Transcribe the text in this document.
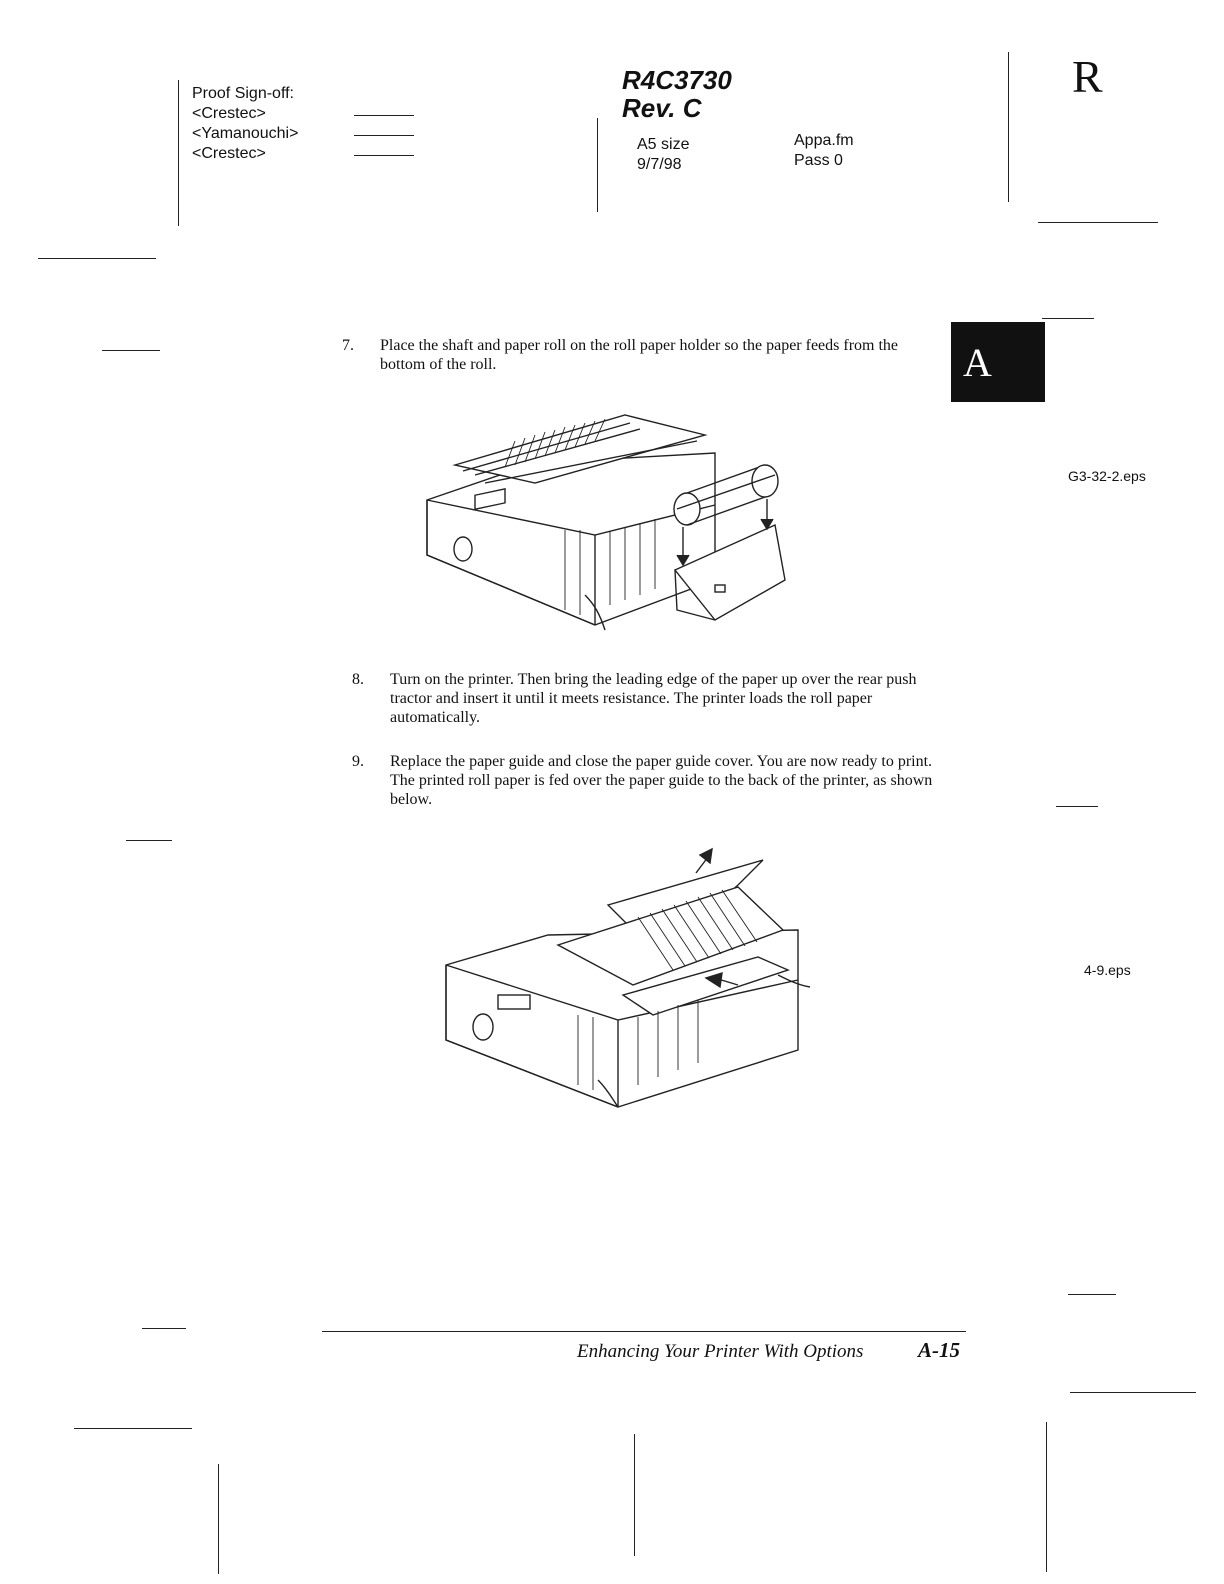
Proof Sign-off:
<Crestec>
<Yamanouchi>
<Crestec>
R4C3730
Rev. C
A5 size
9/7/98
Appa.fm
Pass 0
R
A
7. Place the shaft and paper roll on the roll paper holder so the paper feeds from the bottom of the roll.
G3-32-2.eps
8. Turn on the printer. Then bring the leading edge of the paper up over the rear push tractor and insert it until it meets resistance. The printer loads the roll paper automatically.
9. Replace the paper guide and close the paper guide cover. You are now ready to print. The printed roll paper is fed over the paper guide to the back of the printer, as shown below.
4-9.eps
Enhancing Your Printer With Options	A-15
